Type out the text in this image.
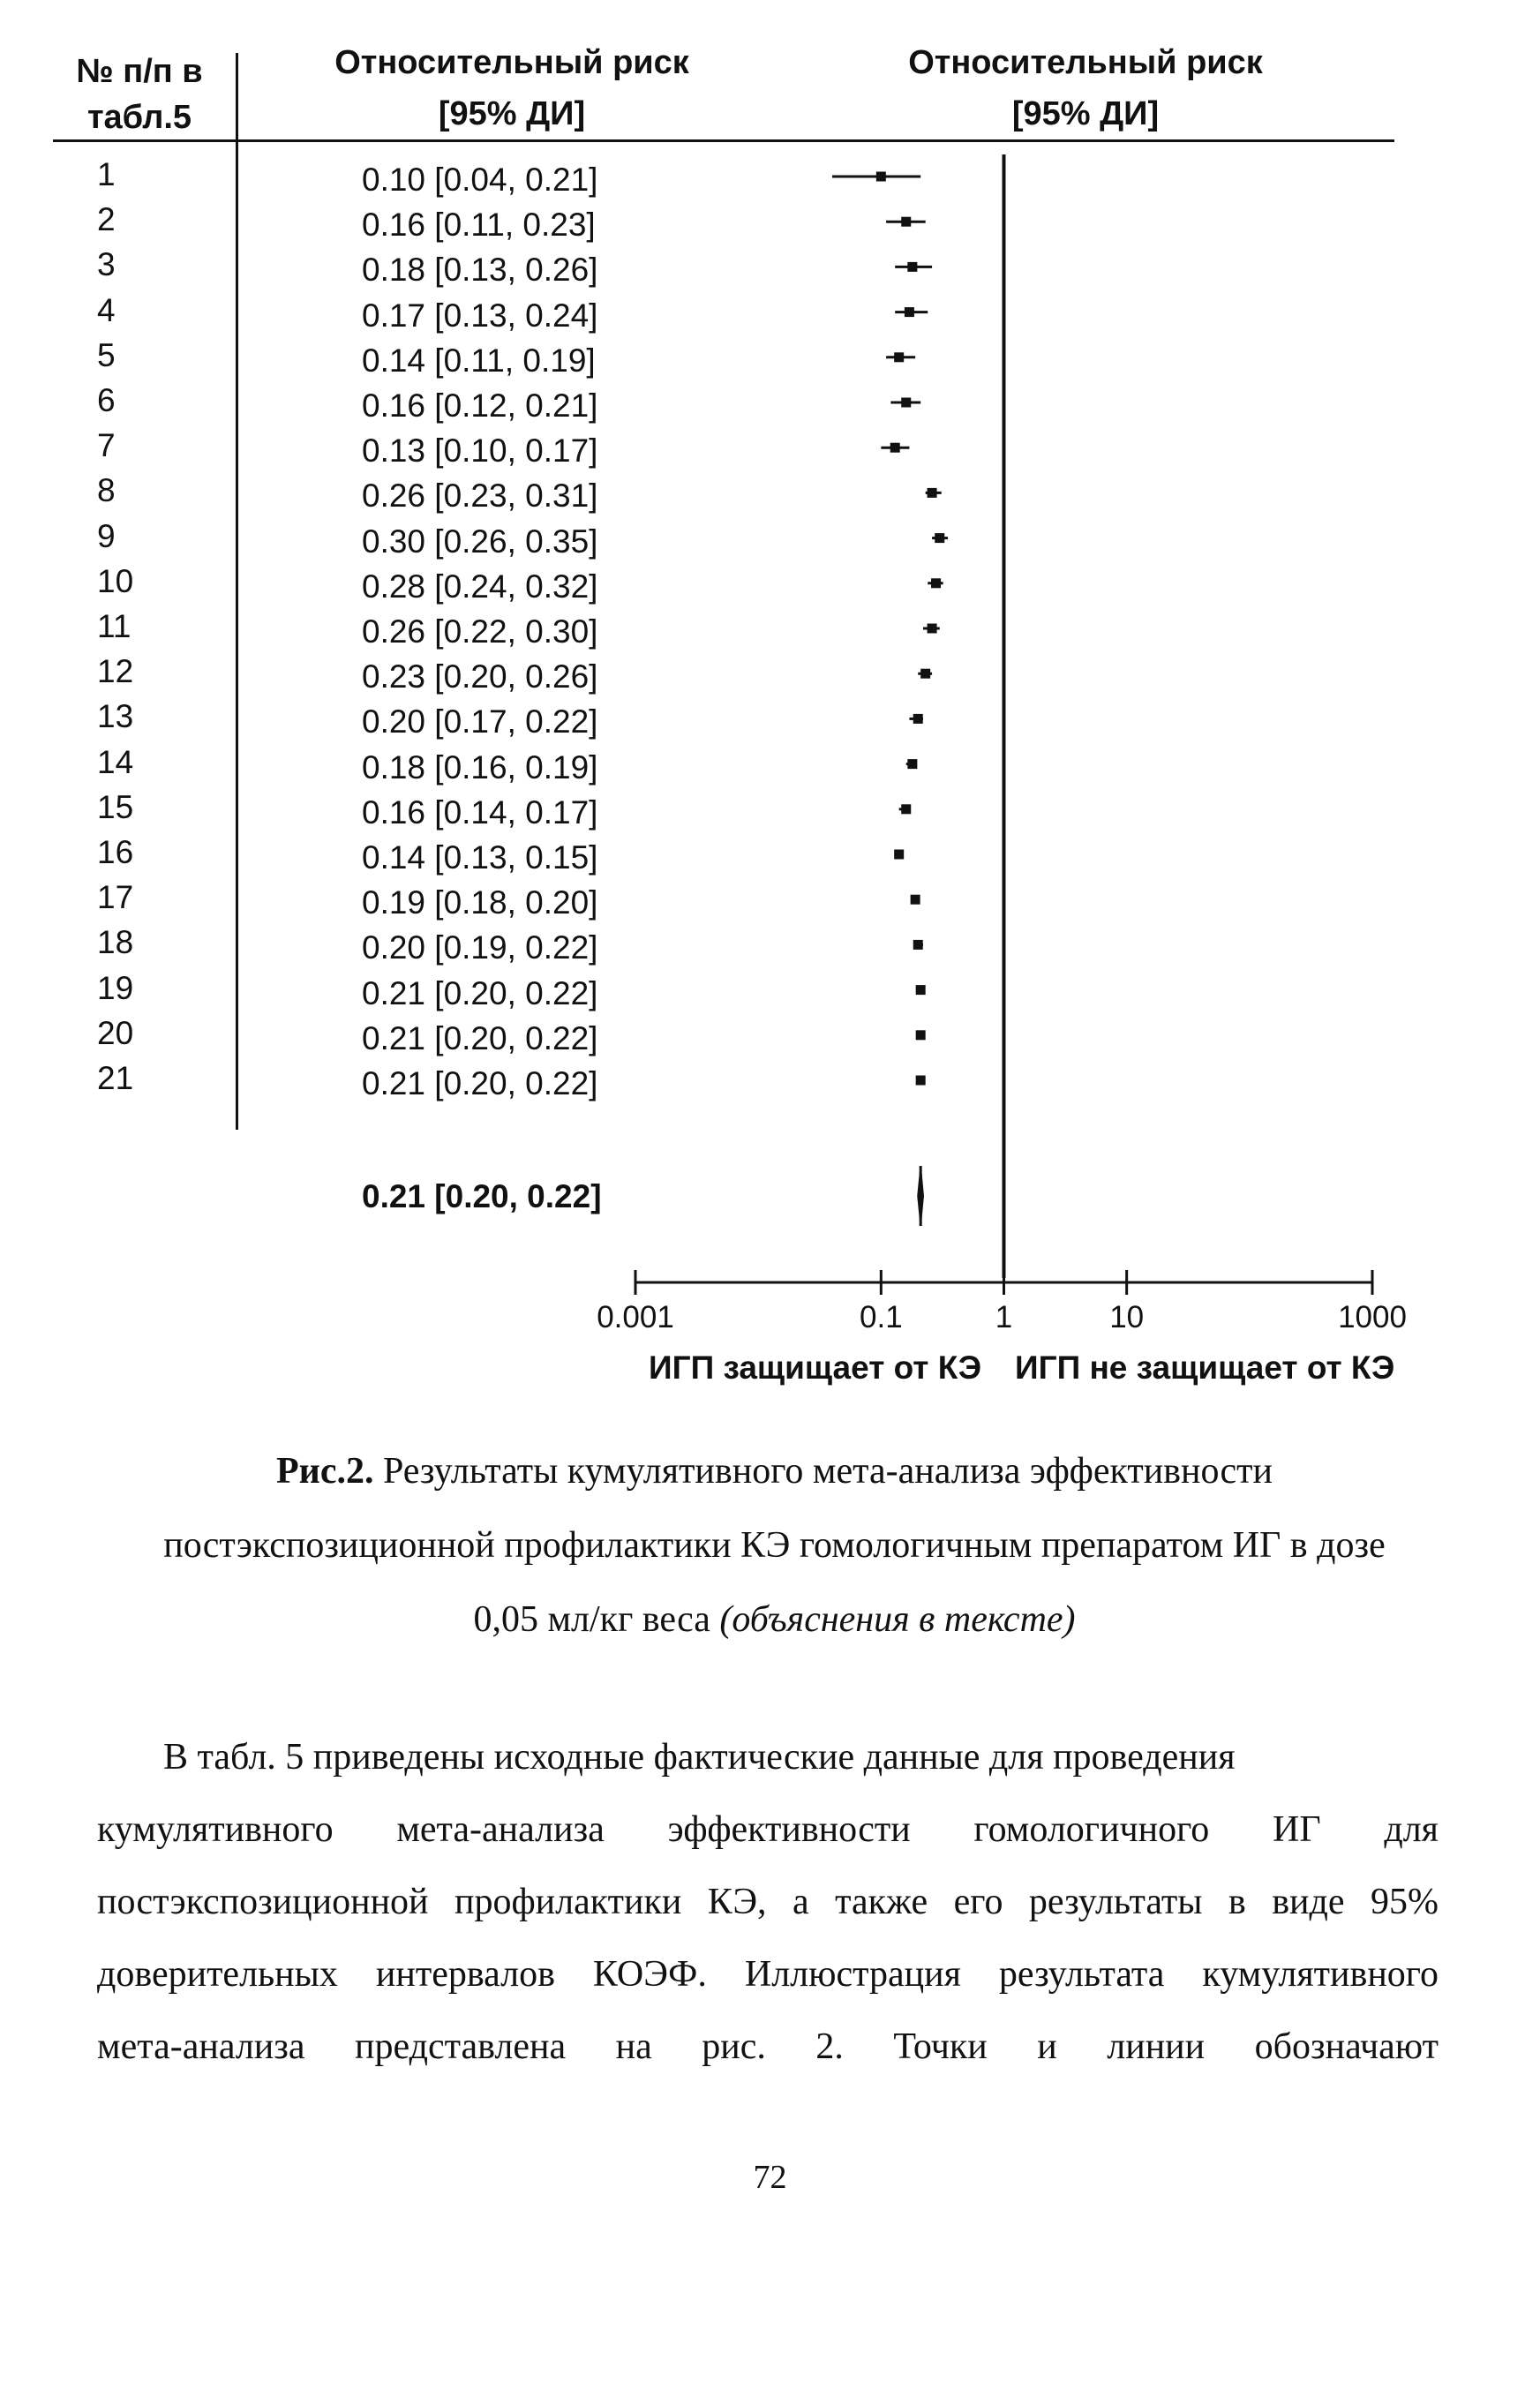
№ п/п в
табл.5
Относительный риск
[95% ДИ]
Относительный риск
[95% ДИ]
1	0.10 [0.04, 0.21]
2	0.16 [0.11, 0.23]
3	0.18 [0.13, 0.26]
4	0.17 [0.13, 0.24]
5	0.14 [0.11, 0.19]
6	0.16 [0.12, 0.21]
7	0.13 [0.10, 0.17]
8	0.26 [0.23, 0.31]
9	0.30 [0.26, 0.35]
10	0.28 [0.24, 0.32]
11	0.26 [0.22, 0.30]
12	0.23 [0.20, 0.26]
13	0.20 [0.17, 0.22]
14	0.18 [0.16, 0.19]
15	0.16 [0.14, 0.17]
16	0.14 [0.13, 0.15]
17	0.19 [0.18, 0.20]
18	0.20 [0.19, 0.22]
19	0.21 [0.20, 0.22]
20	0.21 [0.20, 0.22]
21	0.21 [0.20, 0.22]
0.21 [0.20, 0.22]
0.001	0.1	1	10	1000
ИГП защищает от КЭ ИГП не защищает от КЭ
Рис.2. Результаты кумулятивного мета-анализа эффективности
постэкспозиционной профилактики КЭ гомологичным препаратом ИГ в дозе
0,05 мл/кг веса (объяснения в тексте)
В табл. 5 приведены исходные фактические данные для проведения
кумулятивного мета-анализа эффективности гомологичного ИГ для
постэкспозиционной профилактики КЭ, а также его результаты в виде 95%
доверительных интервалов КОЭФ. Иллюстрация результата кумулятивного
мета-анализа представлена на рис. 2. Точки и линии обозначают
72
